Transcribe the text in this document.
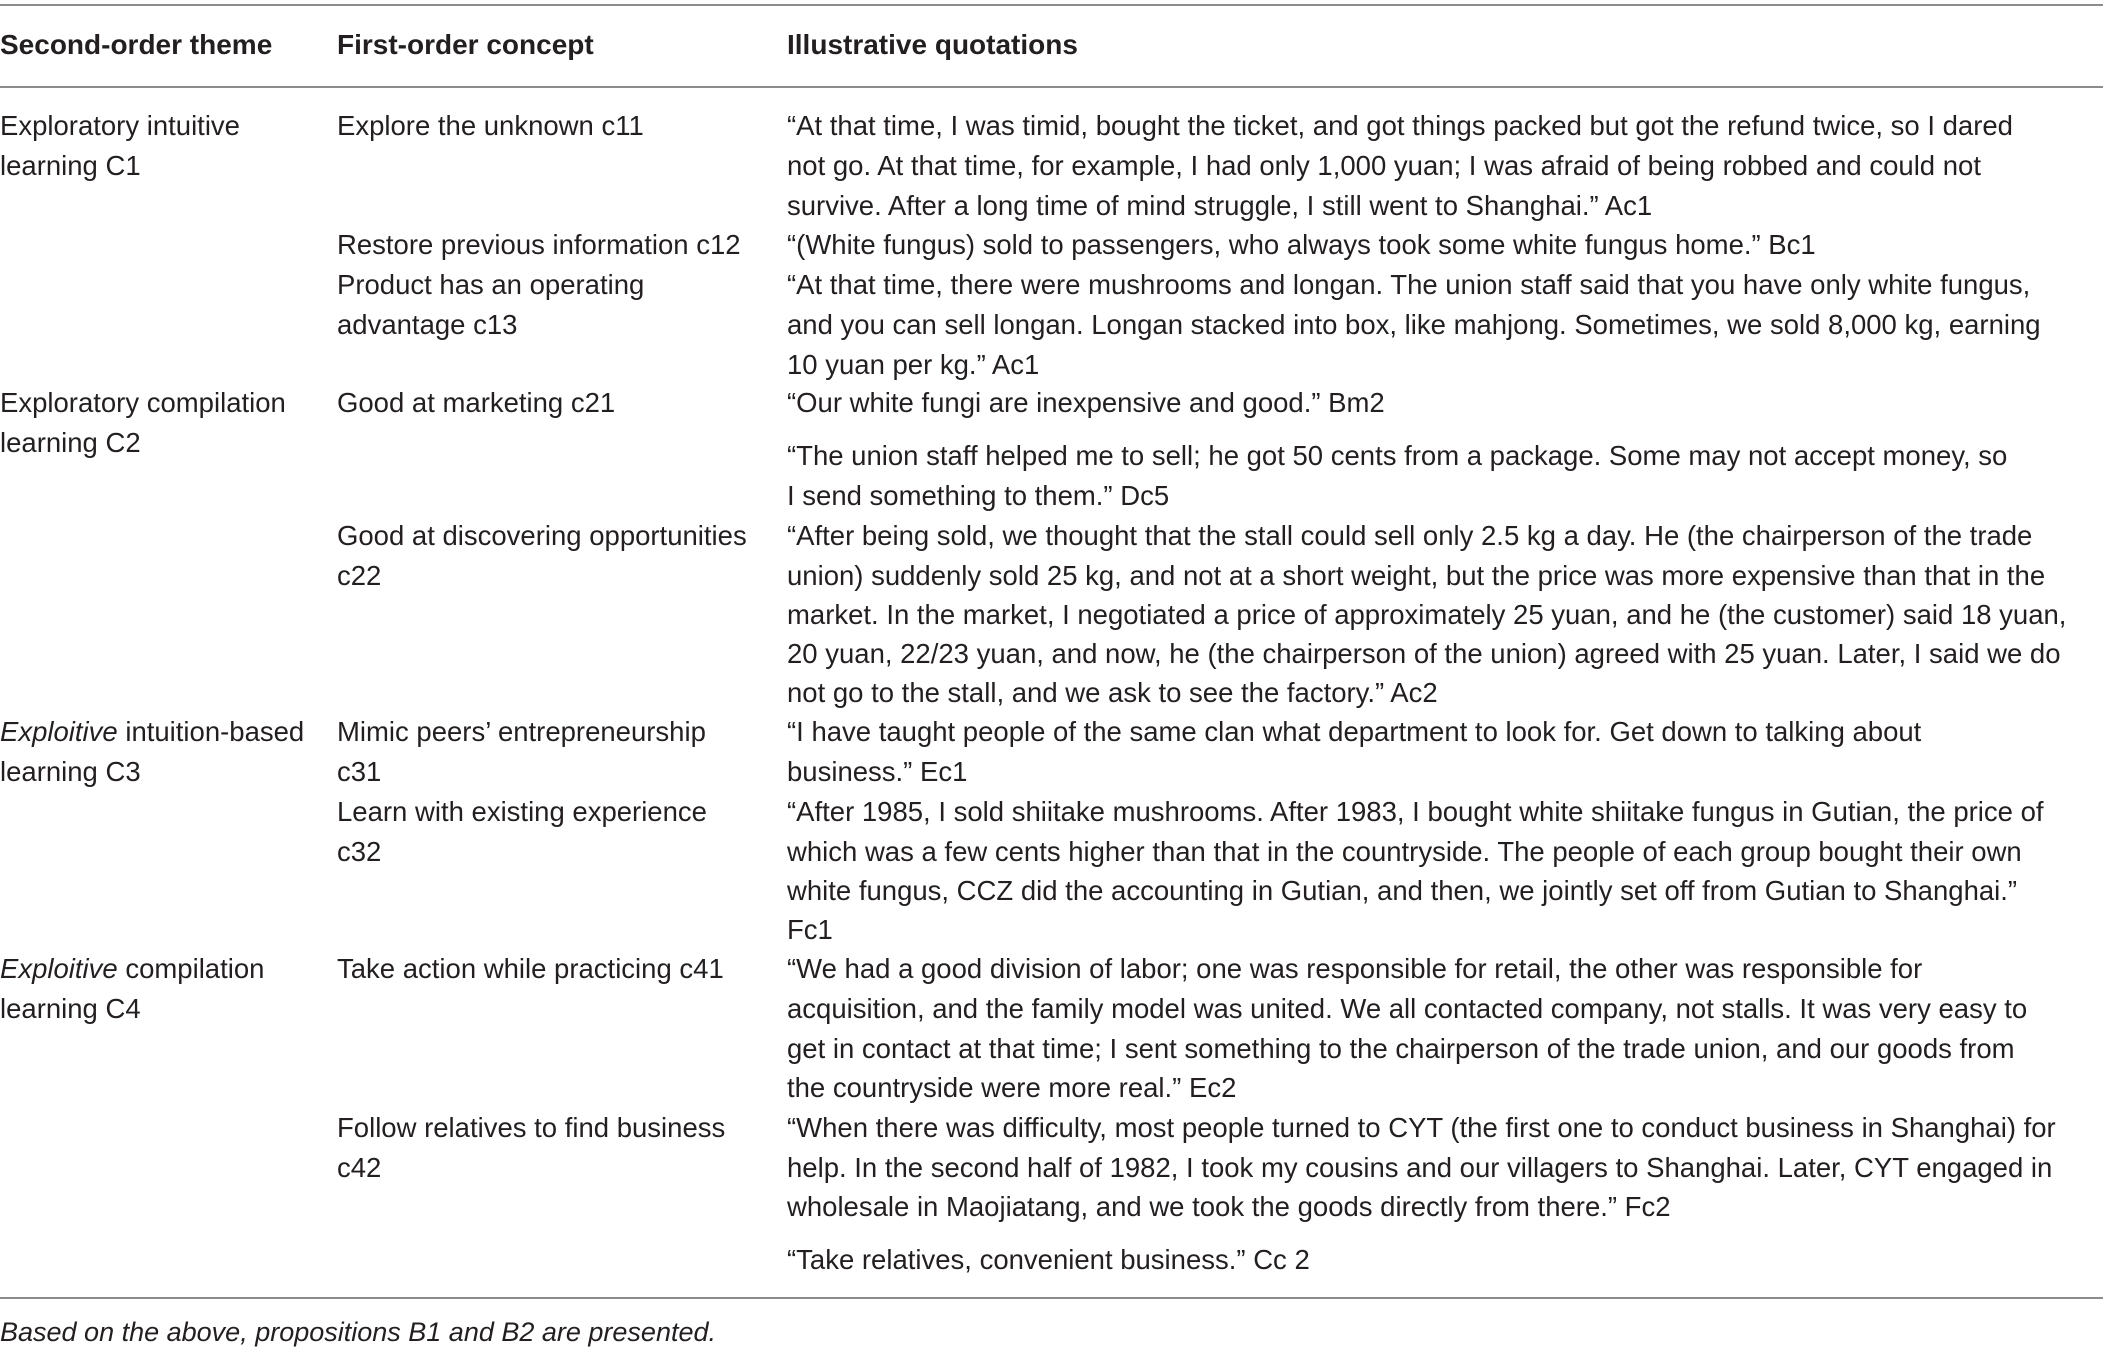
Second-order theme First-order concept	Illustrative quotations
Exploratory intuitive
learning C1
Exploratory compilation
learning C2
Exploitive intuition-based
learning C3
Exploitive compilation
learning C4
Explore the unknown c11
Restore previous information c12
Product has an operating
advantage c13
Good at marketing c21
Good at discovering opportunities
c22
Mimic peers’ entrepreneurship
c31
Learn with existing experience
c32
Take action while practicing c41
Follow relatives to find business
c42
“At that time, I was timid, bought the ticket, and got things packed but got the refund twice, so I dared
not go. At that time, for example, I had only 1,000 yuan; I was afraid of being robbed and could not
survive. After a long time of mind struggle, I still went to Shanghai.” Ac1
“(White fungus) sold to passengers, who always took some white fungus home.” Bc1
“At that time, there were mushrooms and longan. The union staff said that you have only white fungus,
and you can sell longan. Longan stacked into box, like mahjong. Sometimes, we sold 8,000 kg, earning
10 yuan per kg.” Ac1
“Our white fungi are inexpensive and good.” Bm2
“The union staff helped me to sell; he got 50 cents from a package. Some may not accept money, so
I send something to them.” Dc5
“After being sold, we thought that the stall could sell only 2.5 kg a day. He (the chairperson of the trade
union) suddenly sold 25 kg, and not at a short weight, but the price was more expensive than that in the
market. In the market, I negotiated a price of approximately 25 yuan, and he (the customer) said 18 yuan,
20 yuan, 22/23 yuan, and now, he (the chairperson of the union) agreed with 25 yuan. Later, I said we do
not go to the stall, and we ask to see the factory.” Ac2
“I have taught people of the same clan what department to look for. Get down to talking about
business.” Ec1
“After 1985, I sold shiitake mushrooms. After 1983, I bought white shiitake fungus in Gutian, the price of
which was a few cents higher than that in the countryside. The people of each group bought their own
white fungus, CCZ did the accounting in Gutian, and then, we jointly set off from Gutian to Shanghai.”
Fc1
“We had a good division of labor; one was responsible for retail, the other was responsible for
acquisition, and the family model was united. We all contacted company, not stalls. It was very easy to
get in contact at that time; I sent something to the chairperson of the trade union, and our goods from
the countryside were more real.” Ec2
“When there was difficulty, most people turned to CYT (the first one to conduct business in Shanghai) for
help. In the second half of 1982, I took my cousins and our villagers to Shanghai. Later, CYT engaged in
wholesale in Maojiatang, and we took the goods directly from there.” Fc2
“Take relatives, convenient business.” Cc 2
Based on the above, propositions B1 and B2 are presented.
